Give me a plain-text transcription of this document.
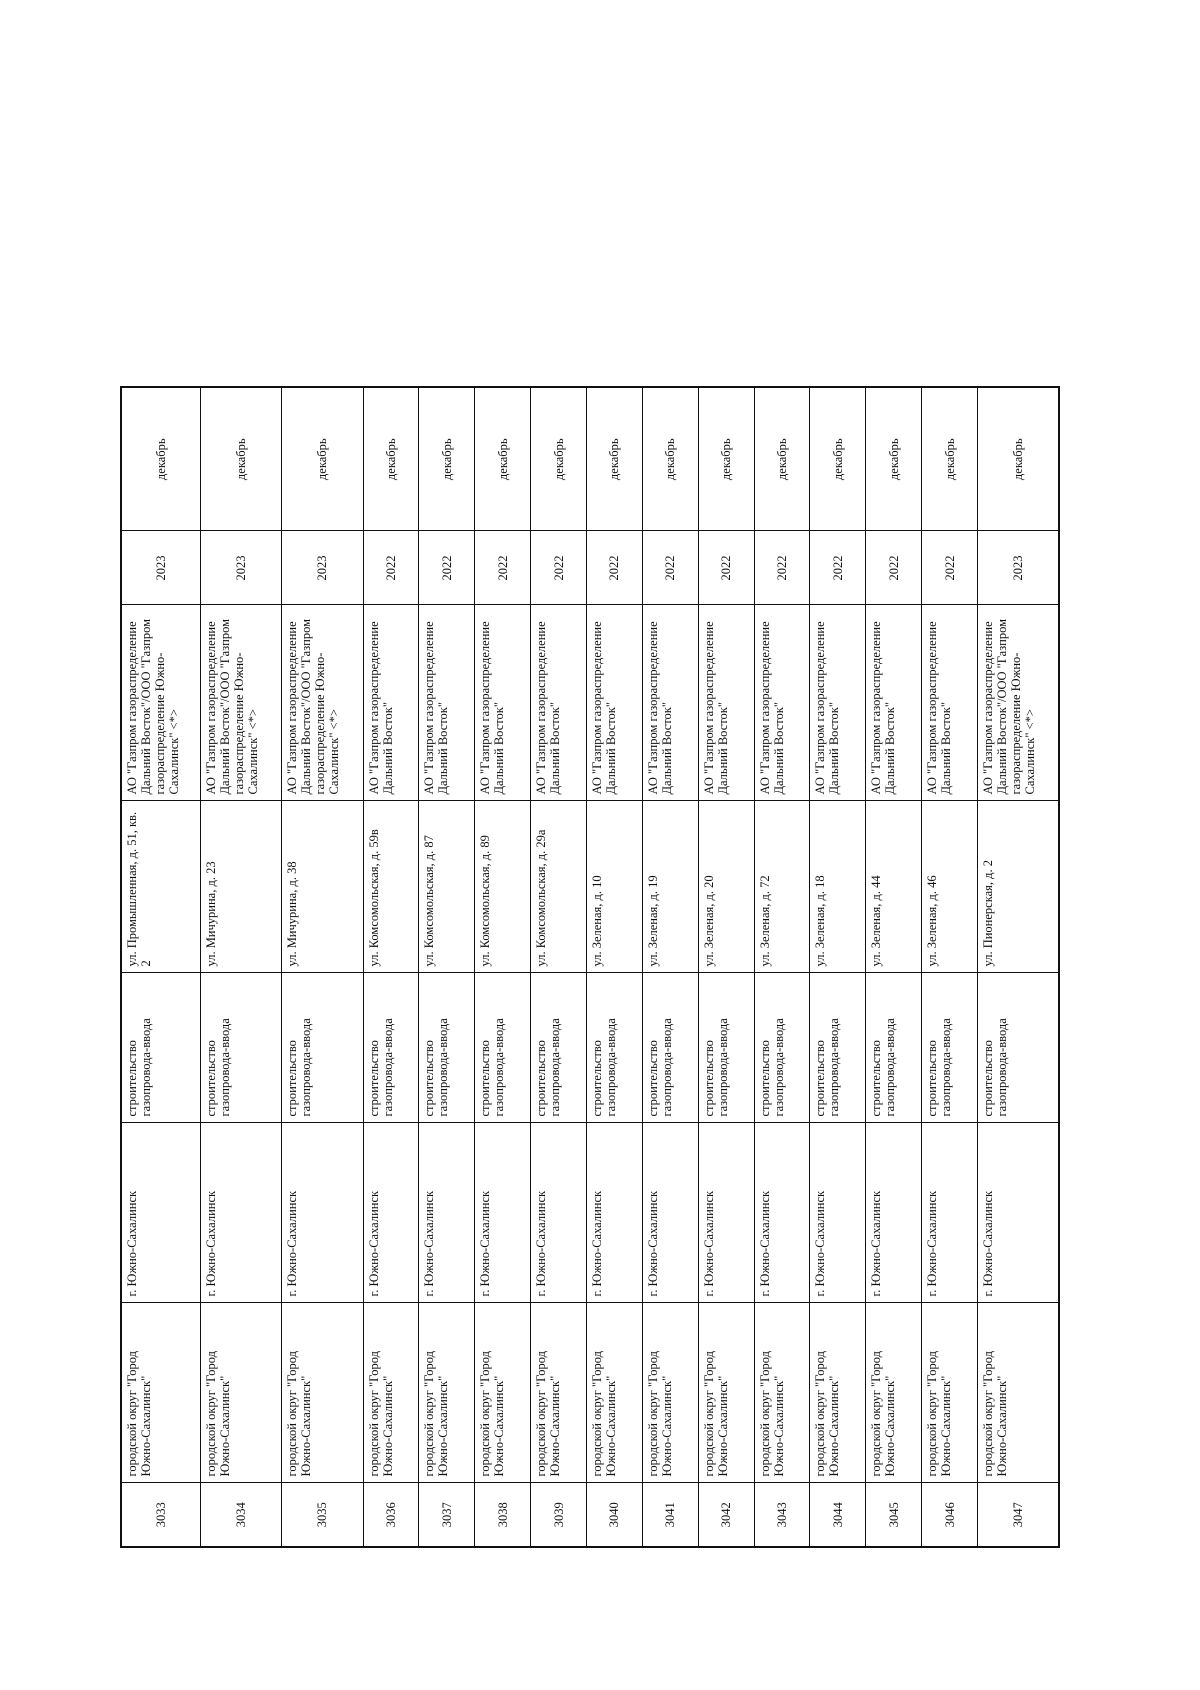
3033	городской округ "Город Южно-Сахалинск"	г. Южно-Сахалинск	строительство газопровода-ввода	ул. Промышленная, д. 51, кв. 2	АО "Газпром газораспределение Дальний Восток"/ООО "Газпром газораспределение Южно-Сахалинск" <*>	2023	декабрь
3034	городской округ "Город Южно-Сахалинск"	г. Южно-Сахалинск	строительство газопровода-ввода	ул. Мичурина, д. 23	АО "Газпром газораспределение Дальний Восток"/ООО "Газпром газораспределение Южно-Сахалинск" <*>	2023	декабрь
3035	городской округ "Город Южно-Сахалинск"	г. Южно-Сахалинск	строительство газопровода-ввода	ул. Мичурина, д. 38	АО "Газпром газораспределение Дальний Восток"/ООО "Газпром газораспределение Южно-Сахалинск" <*>	2023	декабрь
3036	городской округ "Город Южно-Сахалинск"	г. Южно-Сахалинск	строительство газопровода-ввода	ул. Комсомольская, д. 59в	АО "Газпром газораспределение Дальний Восток"	2022	декабрь
3037	городской округ "Город Южно-Сахалинск"	г. Южно-Сахалинск	строительство газопровода-ввода	ул. Комсомольская, д. 87	АО "Газпром газораспределение Дальний Восток"	2022	декабрь
3038	городской округ "Город Южно-Сахалинск"	г. Южно-Сахалинск	строительство газопровода-ввода	ул. Комсомольская, д. 89	АО "Газпром газораспределение Дальний Восток"	2022	декабрь
3039	городской округ "Город Южно-Сахалинск"	г. Южно-Сахалинск	строительство газопровода-ввода	ул. Комсомольская, д. 29а	АО "Газпром газораспределение Дальний Восток"	2022	декабрь
3040	городской округ "Город Южно-Сахалинск"	г. Южно-Сахалинск	строительство газопровода-ввода	ул. Зеленая, д. 10	АО "Газпром газораспределение Дальний Восток"	2022	декабрь
3041	городской округ "Город Южно-Сахалинск"	г. Южно-Сахалинск	строительство газопровода-ввода	ул. Зеленая, д. 19	АО "Газпром газораспределение Дальний Восток"	2022	декабрь
3042	городской округ "Город Южно-Сахалинск"	г. Южно-Сахалинск	строительство газопровода-ввода	ул. Зеленая, д. 20	АО "Газпром газораспределение Дальний Восток"	2022	декабрь
3043	городской округ "Город Южно-Сахалинск"	г. Южно-Сахалинск	строительство газопровода-ввода	ул. Зеленая, д. 72	АО "Газпром газораспределение Дальний Восток"	2022	декабрь
3044	городской округ "Город Южно-Сахалинск"	г. Южно-Сахалинск	строительство газопровода-ввода	ул. Зеленая, д. 18	АО "Газпром газораспределение Дальний Восток"	2022	декабрь
3045	городской округ "Город Южно-Сахалинск"	г. Южно-Сахалинск	строительство газопровода-ввода	ул. Зеленая, д. 44	АО "Газпром газораспределение Дальний Восток"	2022	декабрь
3046	городской округ "Город Южно-Сахалинск"	г. Южно-Сахалинск	строительство газопровода-ввода	ул. Зеленая, д. 46	АО "Газпром газораспределение Дальний Восток"	2022	декабрь
3047	городской округ "Город Южно-Сахалинск"	г. Южно-Сахалинск	строительство газопровода-ввода	ул. Пионерская, д. 2	АО "Газпром газораспределение Дальний Восток"/ООО "Газпром газораспределение Южно-Сахалинск" <*>	2023	декабрь
